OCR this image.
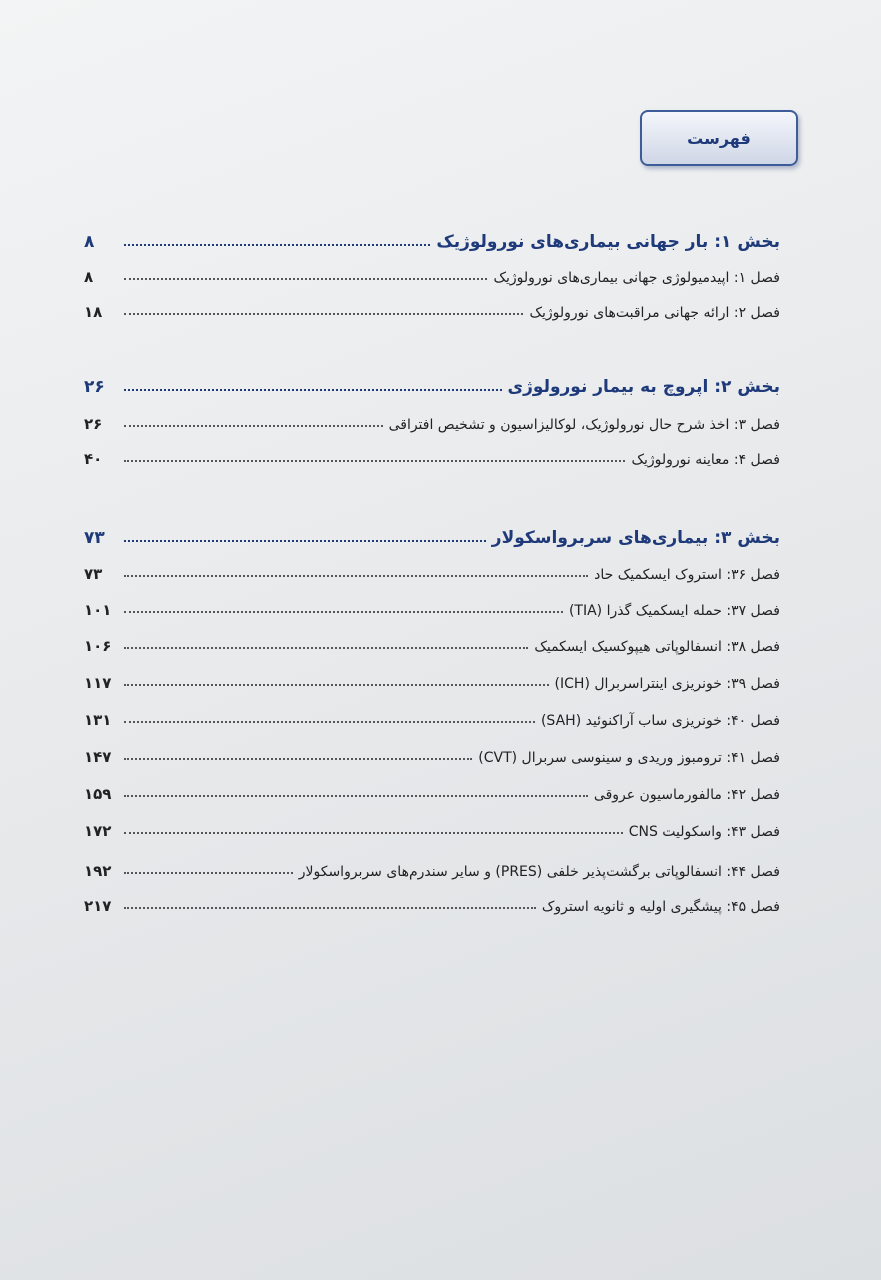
فهرست
بخش ۱: بار جهانی بیماری‌های نورولوژیک
۸
فصل ۱: اپیدمیولوژی جهانی بیماری‌های نورولوژیک
۸
فصل ۲: ارائه جهانی مراقبت‌های نورولوژیک
۱۸
بخش ۲: اپروچ به بیمار نورولوژی
۲۶
فصل ۳: اخذ شرح حال نورولوژیک، لوکالیزاسیون و تشخیص افتراقی
۲۶
فصل ۴: معاینه نورولوژیک
۴۰
بخش ۳: بیماری‌های سربرواسکولار
۷۳
فصل ۳۶: استروک ایسکمیک حاد
۷۳
فصل ۳۷: حمله ایسکمیک گذرا (TIA)
۱۰۱
فصل ۳۸: انسفالوپاتی هیپوکسیک ایسکمیک
۱۰۶
فصل ۳۹: خونریزی اینتراسربرال (ICH)
۱۱۷
فصل ۴۰: خونریزی ساب آراکنوئید (SAH)
۱۳۱
فصل ۴۱: ترومبوز وریدی و سینوسی سربرال (CVT)
۱۴۷
فصل ۴۲: مالفورماسیون عروقی
۱۵۹
فصل ۴۳: واسکولیت CNS
۱۷۲
فصل ۴۴: انسفالوپاتی برگشت‌پذیر خلفی (PRES) و سایر سندرم‌های سربرواسکولار
۱۹۲
فصل ۴۵: پیشگیری اولیه و ثانویه استروک
۲۱۷
